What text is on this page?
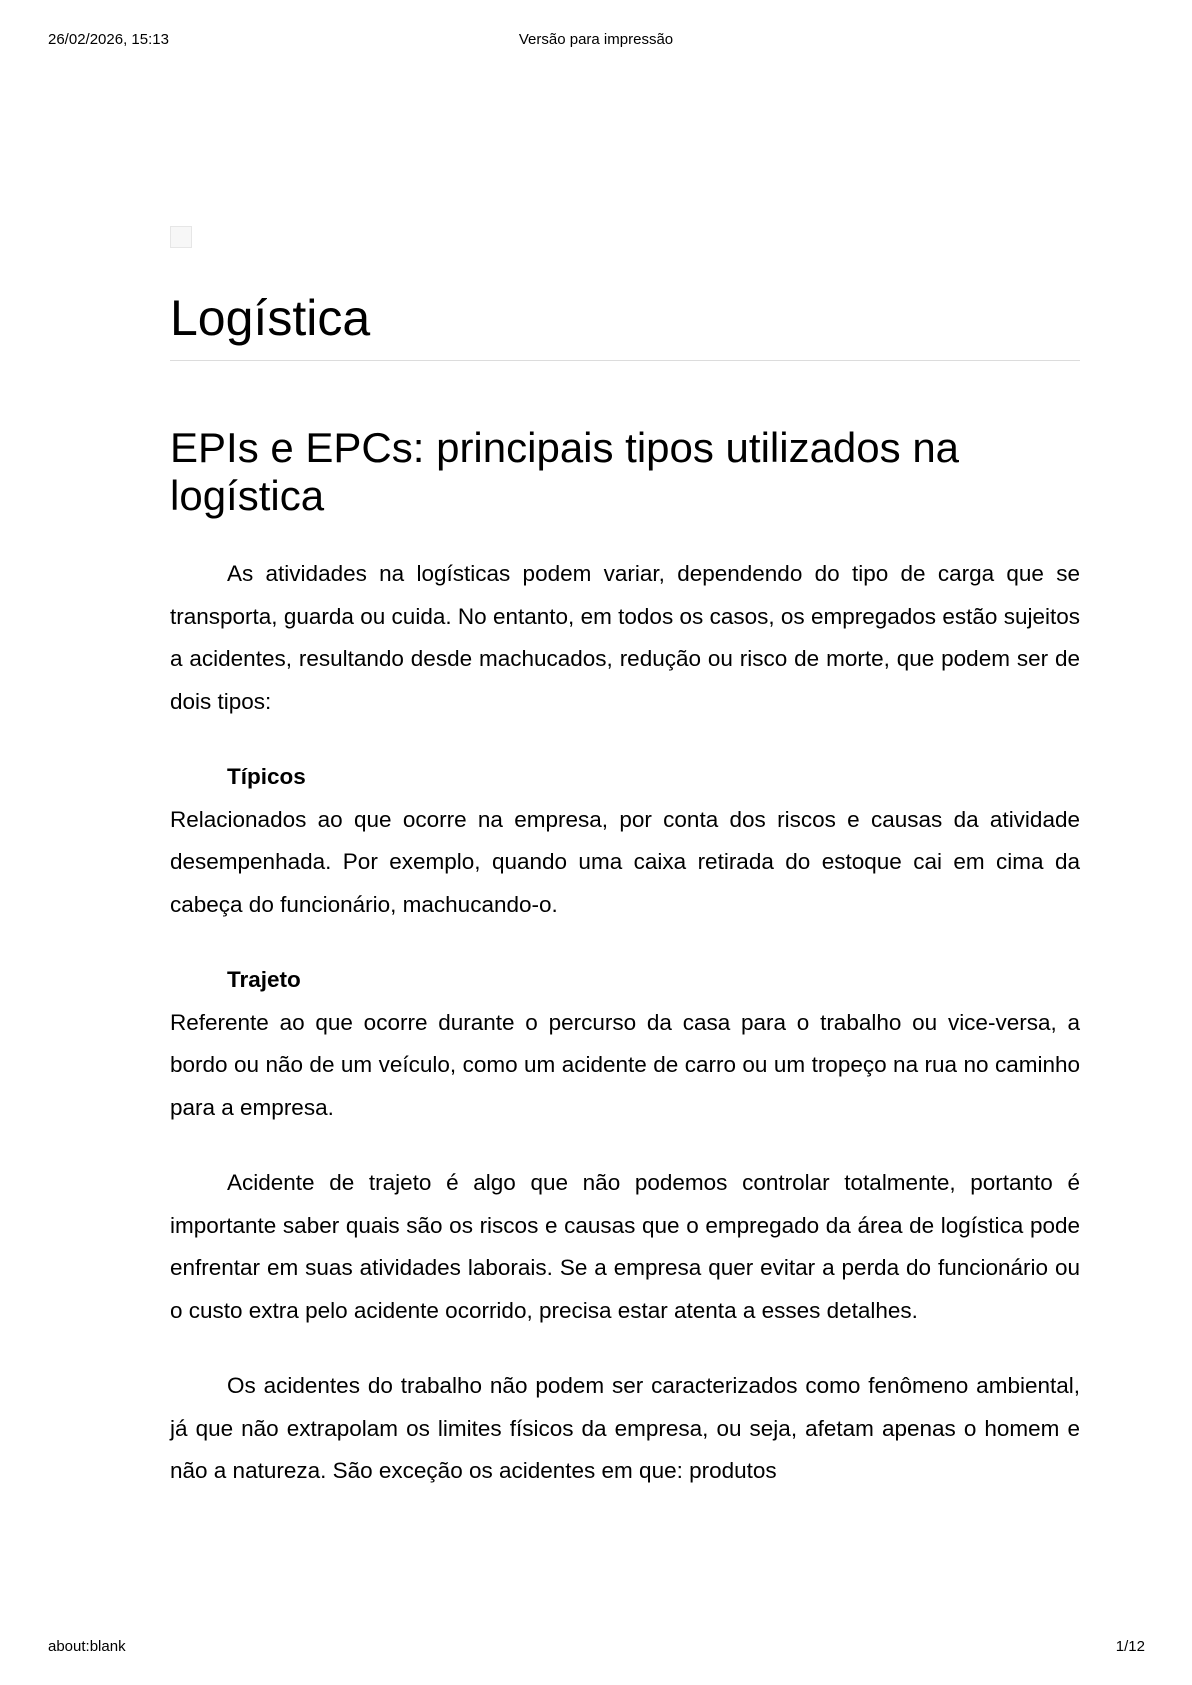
26/02/2026, 15:13	Versão para impressão
Logística
EPIs e EPCs: principais tipos utilizados na logística

As atividades na logísticas podem variar, dependendo do tipo de carga que se transporta, guarda ou cuida. No entanto, em todos os casos, os empregados estão sujeitos a acidentes, resultando desde machucados, redução ou risco de morte, que podem ser de dois tipos:

Típicos

Relacionados ao que ocorre na empresa, por conta dos riscos e causas da atividade desempenhada. Por exemplo, quando uma caixa retirada do estoque cai em cima da cabeça do funcionário, machucando-o.

Trajeto

Referente ao que ocorre durante o percurso da casa para o trabalho ou vice-versa, a bordo ou não de um veículo, como um acidente de carro ou um tropeço na rua no caminho para a empresa.

Acidente de trajeto é algo que não podemos controlar totalmente, portanto é importante saber quais são os riscos e causas que o empregado da área de logística pode enfrentar em suas atividades laborais. Se a empresa quer evitar a perda do funcionário ou o custo extra pelo acidente ocorrido, precisa estar atenta a esses detalhes.

Os acidentes do trabalho não podem ser caracterizados como fenômeno ambiental, já que não extrapolam os limites físicos da empresa, ou seja, afetam apenas o homem e não a natureza. São exceção os acidentes em que: produtos

about:blank	1/12
